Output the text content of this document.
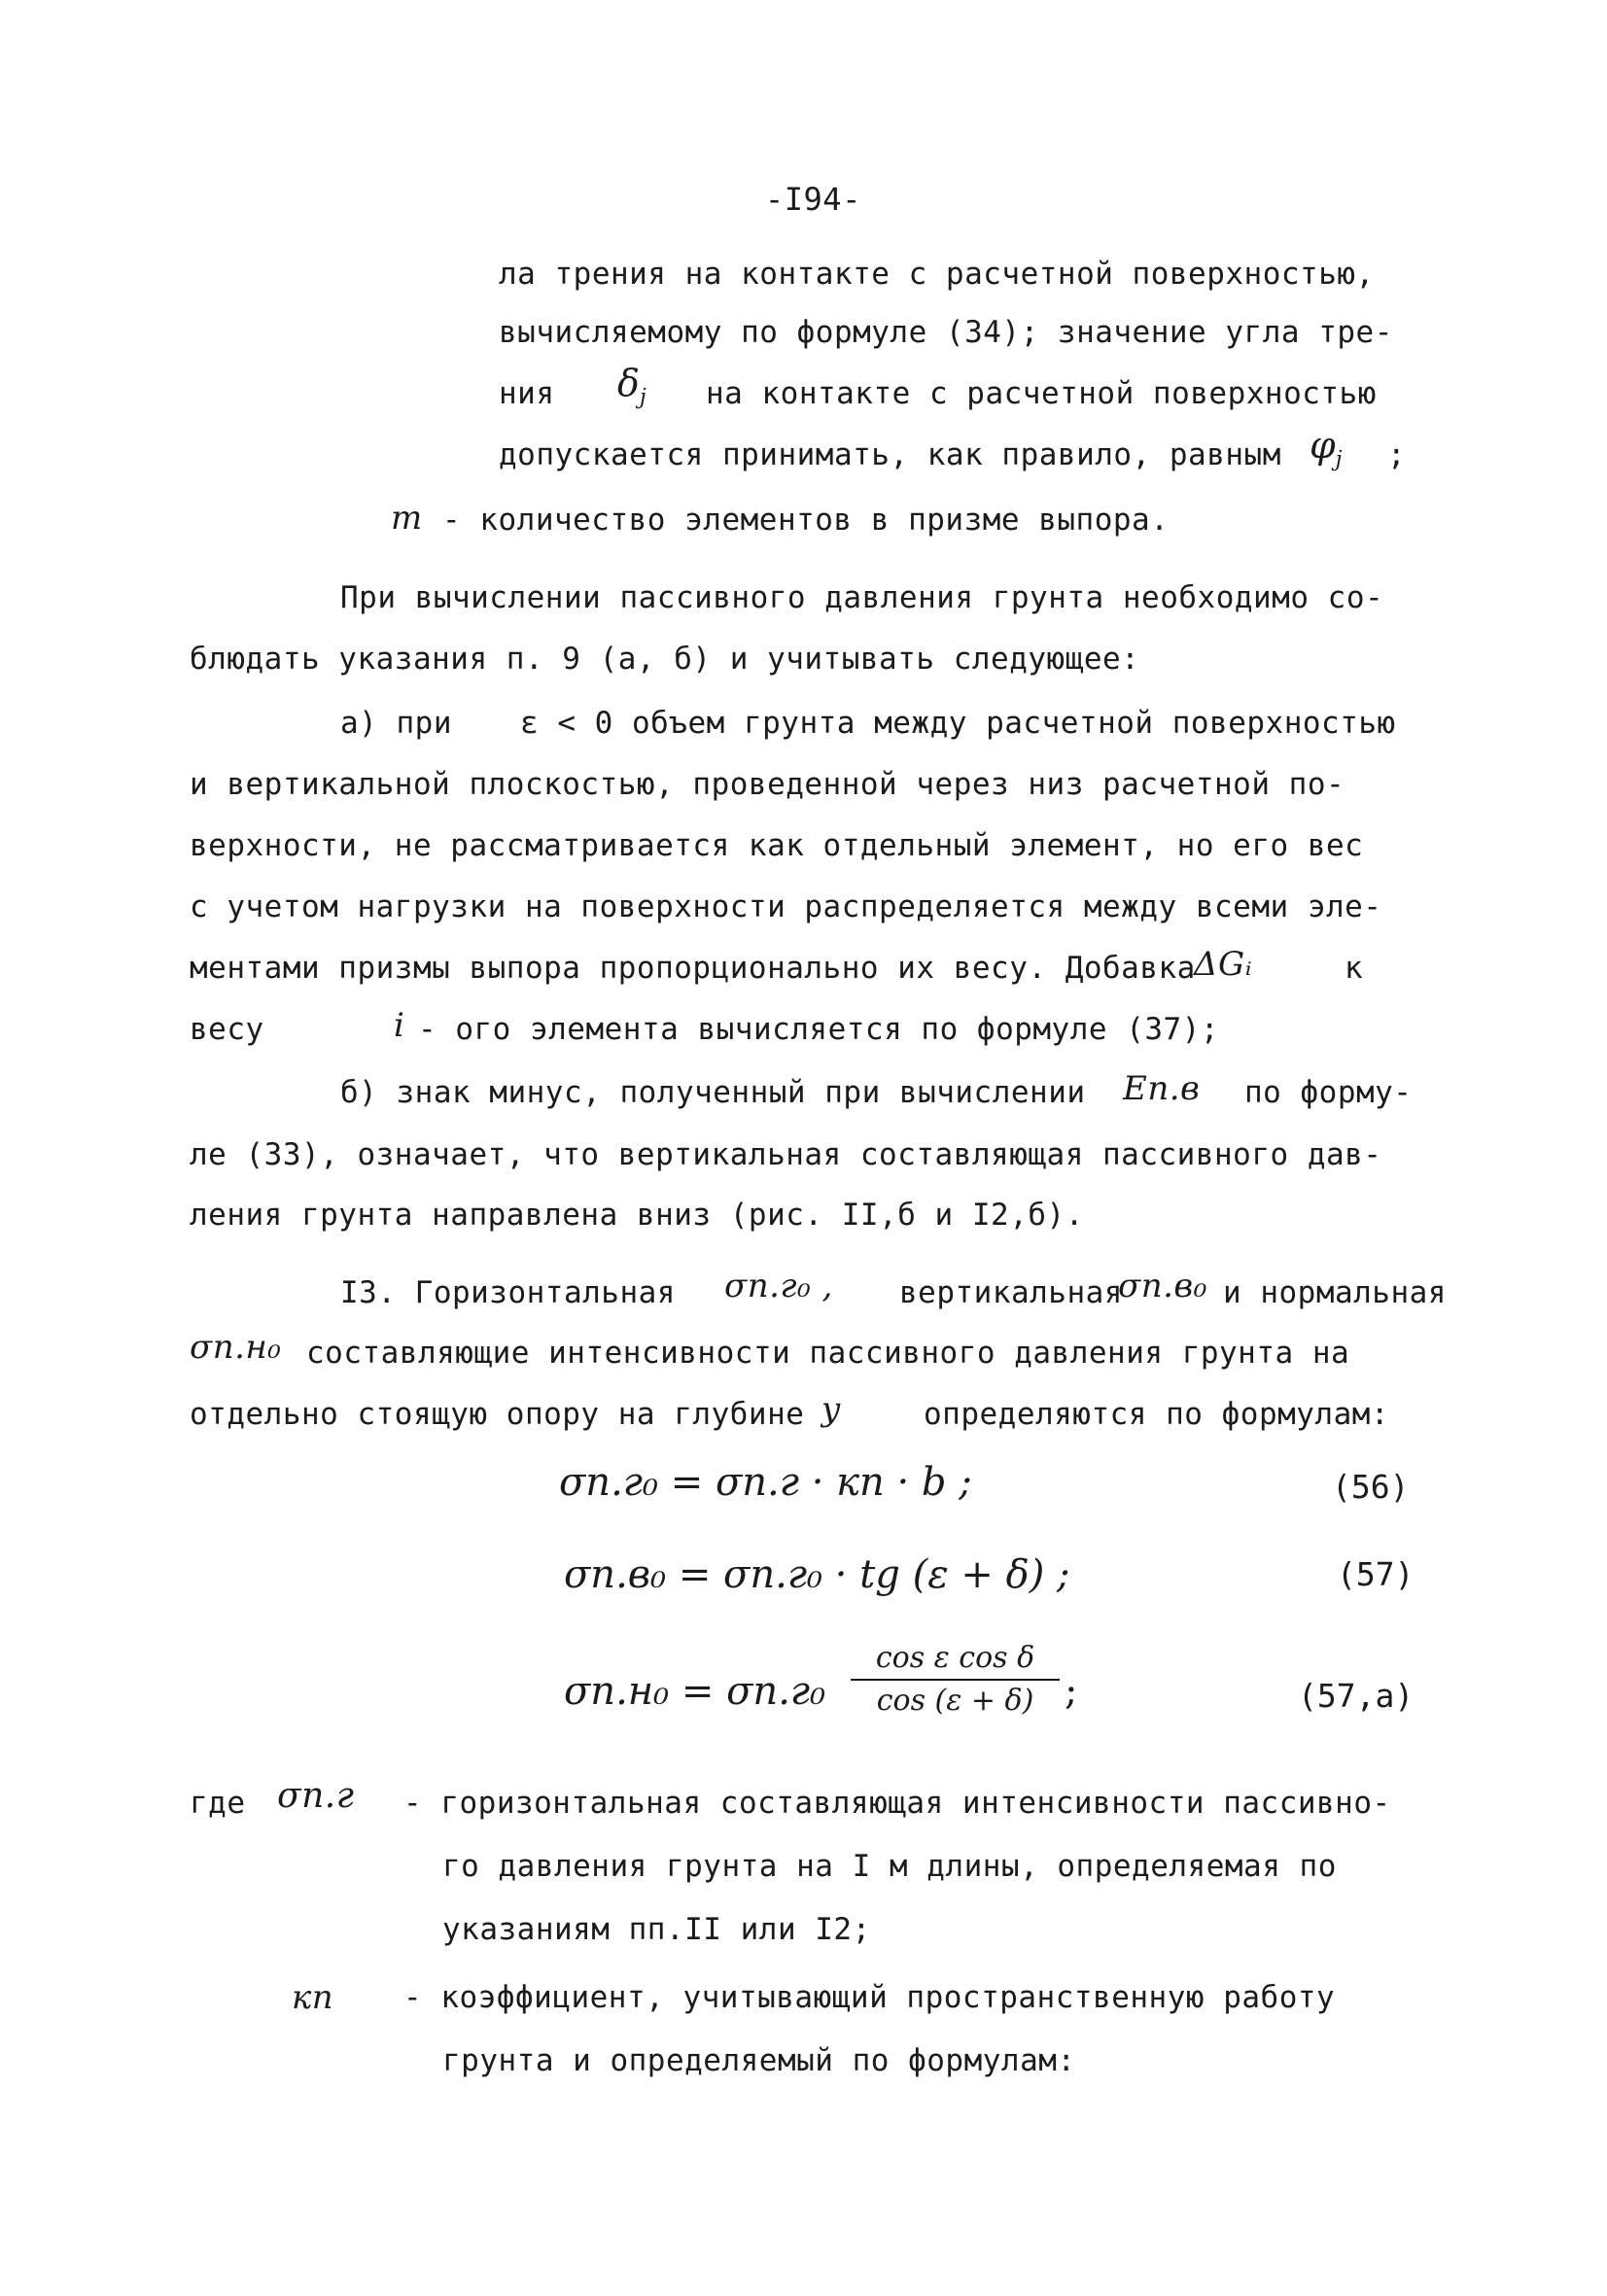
-I94-
ла трения на контакте с расчетной поверхностью,
вычисляемому по формуле (34); значение угла тре-
ния $\delta_j$ на контакте с расчетной поверхностью
допускается принимать, как правило, равным $\varphi_j$ ;
m - количество элементов в призме выпора.
При вычислении пассивного давления грунта необходимо со-
блюдать указания п. 9 (а, б) и учитывать следующее:
а) при ε < 0 объем грунта между расчетной поверхностью
и вертикальной плоскостью, проведенной через низ расчетной по-
верхности, не рассматривается как отдельный элемент, но его вес
с учетом нагрузки на поверхности распределяется между всеми эле-
ментами призмы выпора пропорционально их весу. Добавка
ΔGᵢ	к
весу	i - ого элемента вычисляется по формуле (37);
б) знак минус, полученный при вычислении Eп.в по форму-
ле (33), означает, что вертикальная составляющая пассивного дав-
ления грунта направлена вниз (рис. II,б и I2,б).
I3. Горизонтальная σп.г₀ , вертикальная
σп.в₀ и нормальная
σп.н₀ составляющие интенсивности пассивного давления грунта на
отдельно стоящую опору на глубине y	определяются по формулам:
σп.г₀ = σп.г · кп · b ;	(56)
σп.в₀ = σп.г₀ · tg (ε + δ) ;	(57)
σп.н₀ = σп.г₀
cos ε cos δ
cos (ε + δ) ;	(57,а)
где σп.г - горизонтальная составляющая интенсивности пассивно-
го давления грунта на I м длины, определяемая по
указаниям пп.II или I2;
кп - коэффициент, учитывающий пространственную работу
грунта и определяемый по формулам:
